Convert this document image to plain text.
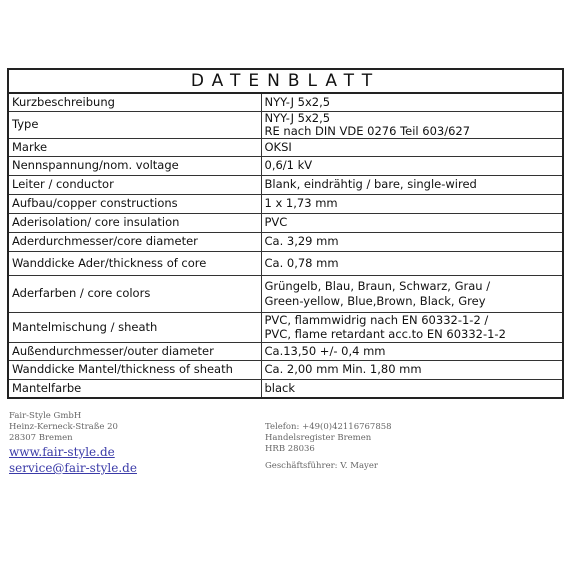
DATENBLATT	
Kurzbeschreibung	NYY-J 5x2,5
Type	NYY-J 5x2,5
RE nach DIN VDE 0276 Teil 603/627

Marke	OKSI
Nennspannung/nom. voltage	0,6/1 kV
Leiter / conductor	Blank, eindrähtig / bare, single-wired
Aufbau/copper constructions	1 x 1,73 mm
Aderisolation/ core insulation	PVC
Aderdurchmesser/core diameter	Ca. 3,29 mm
Wanddicke Ader/thickness of core	Ca. 0,78 mm
Aderfarben / core colors	Grüngelb, Blau, Braun, Schwarz, Grau /
Green-yellow, Blue,Brown, Black, Grey

Mantelmischung / sheath	PVC, flammwidrig nach EN 60332-1-2 /
PVC, flame retardant acc.to EN 60332-1-2

Außendurchmesser/outer diameter	Ca.13,50 +/- 0,4 mm
Wanddicke Mantel/thickness of sheath	Ca. 2,00 mm Min. 1,80 mm
Mantelfarbe	black
Fair-Style GmbH
Heinz-Kerneck-Straße 20
28307 Bremen
www.fair-style.de
service@fair-style.de
Telefon: +49(0)42116767858
Handelsregister Bremen
HRB 28036
Geschäftsführer: V. Mayer
